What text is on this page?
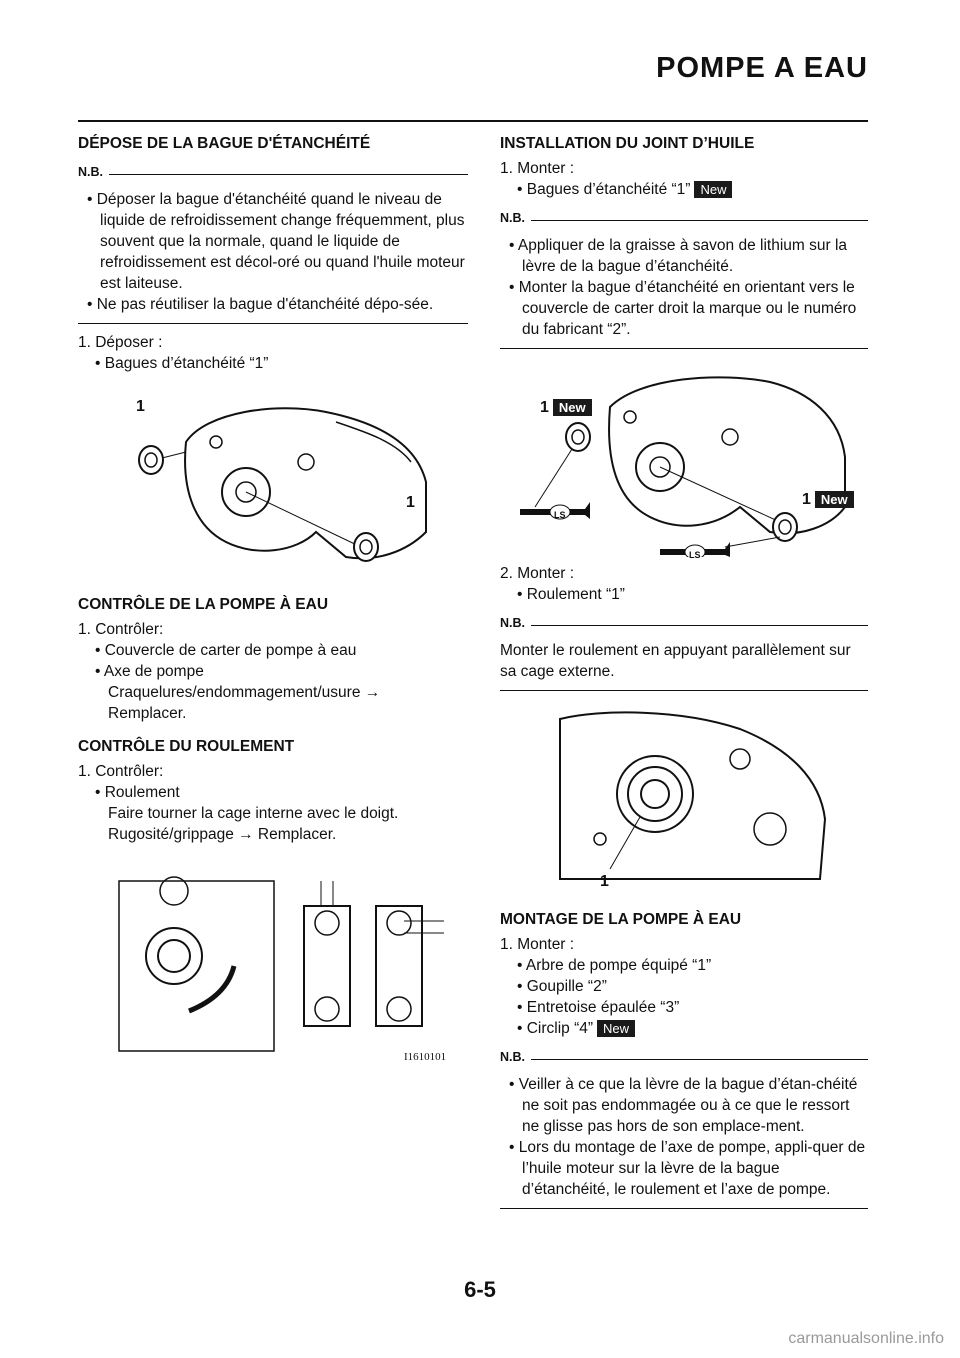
POMPE A EAU
DÉPOSE DE LA BAGUE D'ÉTANCHÉITÉ
N.B.

• Déposer la bague d'étanchéité quand le niveau de liquide de refroidissement change fréquemment, plus souvent que la normale, quand le liquide de refroidissement est décol-oré ou quand l'huile moteur est laiteuse.

• Ne pas réutiliser la bague d'étanchéité dépo-sée.

1. Déposer :

• Bagues d’étanchéité “1”

1
1
CONTRÔLE DE LA POMPE À EAU

1. Contrôler:

• Couvercle de carter de pompe à eau

• Axe de pompe

Craquelures/endommagement/usure → Remplacer.

CONTRÔLE DU ROULEMENT

1. Contrôler:

• Roulement

Faire tourner la cage interne avec le doigt.

Rugosité/grippage → Remplacer.

I1610101
INSTALLATION DU JOINT D’HUILE

1. Monter :

• Bagues d’étanchéité “1” New

N.B.

• Appliquer de la graisse à savon de lithium sur la lèvre de la bague d’étanchéité.

• Monter la bague d’étanchéité en orientant vers le couvercle de carter droit la marque ou le numéro du fabricant “2”.

1 New
1 New
LS
LS

2. Monter :

• Roulement “1”

N.B.

Monter le roulement en appuyant parallèlement sur sa cage externe.

1
MONTAGE DE LA POMPE À EAU

1. Monter :

• Arbre de pompe équipé “1”

• Goupille “2”

• Entretoise épaulée “3”

• Circlip “4” New

N.B.

• Veiller à ce que la lèvre de la bague d’étan-chéité ne soit pas endommagée ou à ce que le ressort ne glisse pas hors de son emplace-ment.

• Lors du montage de l’axe de pompe, appli-quer de l’huile moteur sur la lèvre de la bague d’étanchéité, le roulement et l’axe de pompe.

6-5
carmanualsonline.info
